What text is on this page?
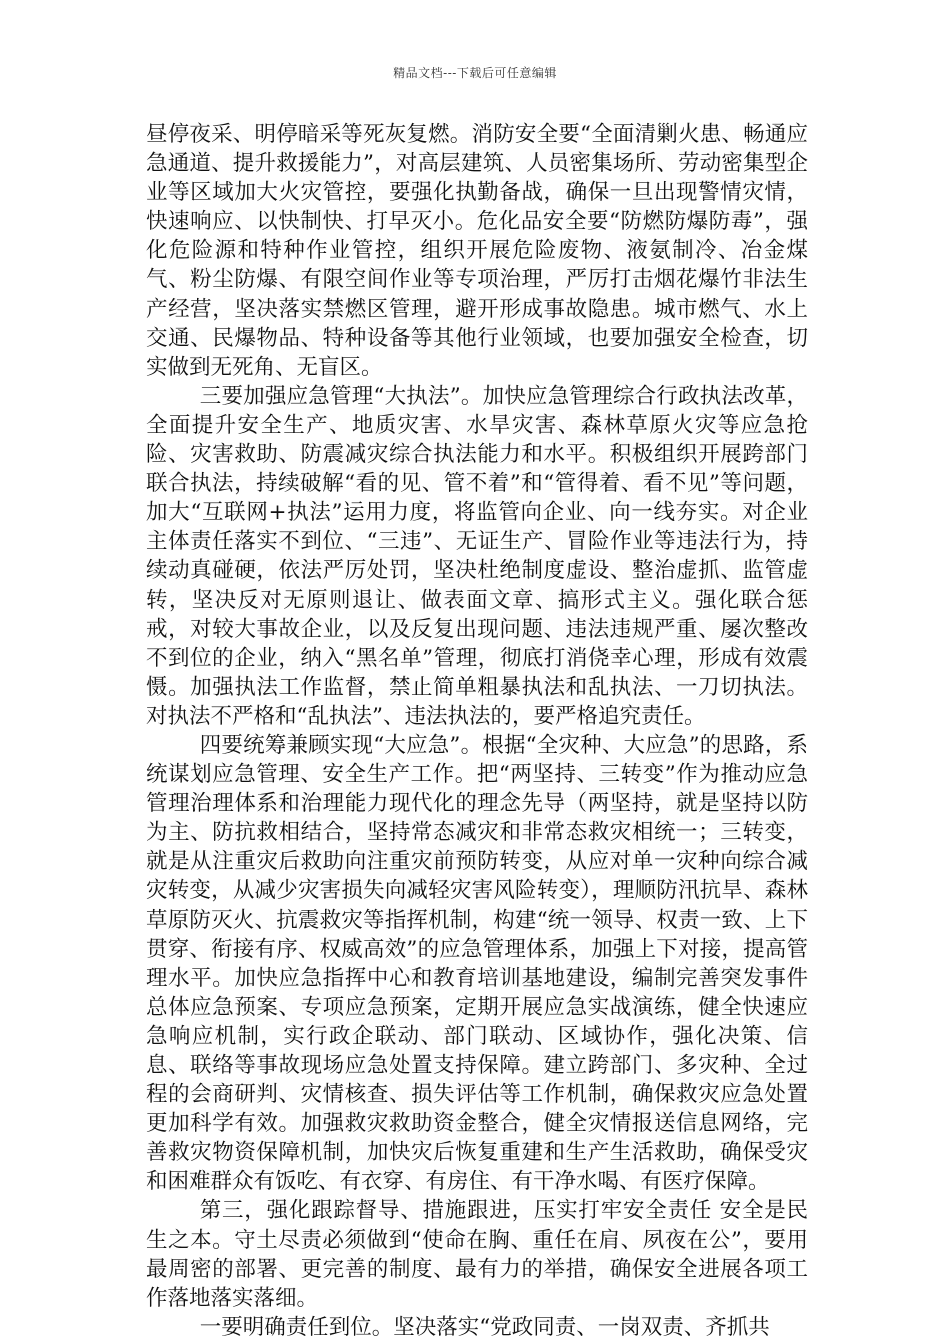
精品文档---下载后可任意编辑

昼停夜采、明停暗采等死灰复燃。消防安全要“全面清剿火患、畅通应急通道、提升救援能力”，对高层建筑、人员密集场所、劳动密集型企业等区域加大火灾管控，要强化执勤备战，确保一旦出现警情灾情，快速响应、以快制快、打早灭小。危化品安全要“防燃防爆防毒”，强化危险源和特种作业管控，组织开展危险废物、液氨制冷、冶金煤气、粉尘防爆、有限空间作业等专项治理，严厉打击烟花爆竹非法生产经营，坚决落实禁燃区管理，避开形成事故隐患。城市燃气、水上交通、民爆物品、特种设备等其他行业领域，也要加强安全检查，切实做到无死角、无盲区。

三要加强应急管理“大执法”。加快应急管理综合行政执法改革，全面提升安全生产、地质灾害、水旱灾害、森林草原火灾等应急抢险、灾害救助、防震减灾综合执法能力和水平。积极组织开展跨部门联合执法，持续破解“看的见、管不着”和“管得着、看不见”等问题，加大“互联网+执法”运用力度，将监管向企业、向一线夯实。对企业主体责任落实不到位、“三违”、无证生产、冒险作业等违法行为，持续动真碰硬，依法严厉处罚，坚决杜绝制度虚设、整治虚抓、监管虚转，坚决反对无原则退让、做表面文章、搞形式主义。强化联合惩戒，对较大事故企业，以及反复出现问题、违法违规严重、屡次整改不到位的企业，纳入“黑名单”管理，彻底打消侥幸心理，形成有效震慑。加强执法工作监督，禁止简单粗暴执法和乱执法、一刀切执法。对执法不严格和“乱执法”、违法执法的，要严格追究责任。

四要统筹兼顾实现“大应急”。根据“全灾种、大应急”的思路，系统谋划应急管理、安全生产工作。把“两坚持、三转变”作为推动应急管理治理体系和治理能力现代化的理念先导（两坚持，就是坚持以防为主、防抗救相结合，坚持常态减灾和非常态救灾相统一；三转变，就是从注重灾后救助向注重灾前预防转变，从应对单一灾种向综合减灾转变，从减少灾害损失向减轻灾害风险转变），理顺防汛抗旱、森林草原防灭火、抗震救灾等指挥机制，构建“统一领导、权责一致、上下贯穿、衔接有序、权威高效”的应急管理体系，加强上下对接，提高管理水平。加快应急指挥中心和教育培训基地建设，编制完善突发事件总体应急预案、专项应急预案，定期开展应急实战演练，健全快速应急响应机制，实行政企联动、部门联动、区域协作，强化决策、信息、联络等事故现场应急处置支持保障。建立跨部门、多灾种、全过程的会商研判、灾情核查、损失评估等工作机制，确保救灾应急处置更加科学有效。加强救灾救助资金整合，健全灾情报送信息网络，完善救灾物资保障机制，加快灾后恢复重建和生产生活救助，确保受灾和困难群众有饭吃、有衣穿、有房住、有干净水喝、有医疗保障。

第三，强化跟踪督导、措施跟进，压实打牢安全责任 安全是民生之本。守土尽责必须做到“使命在胸、重任在肩、夙夜在公”，要用最周密的部署、更完善的制度、最有力的举措，确保安全进展各项工作落地落实落细。

一要明确责任到位。坚决落实“党政同责、一岗双责、齐抓共
